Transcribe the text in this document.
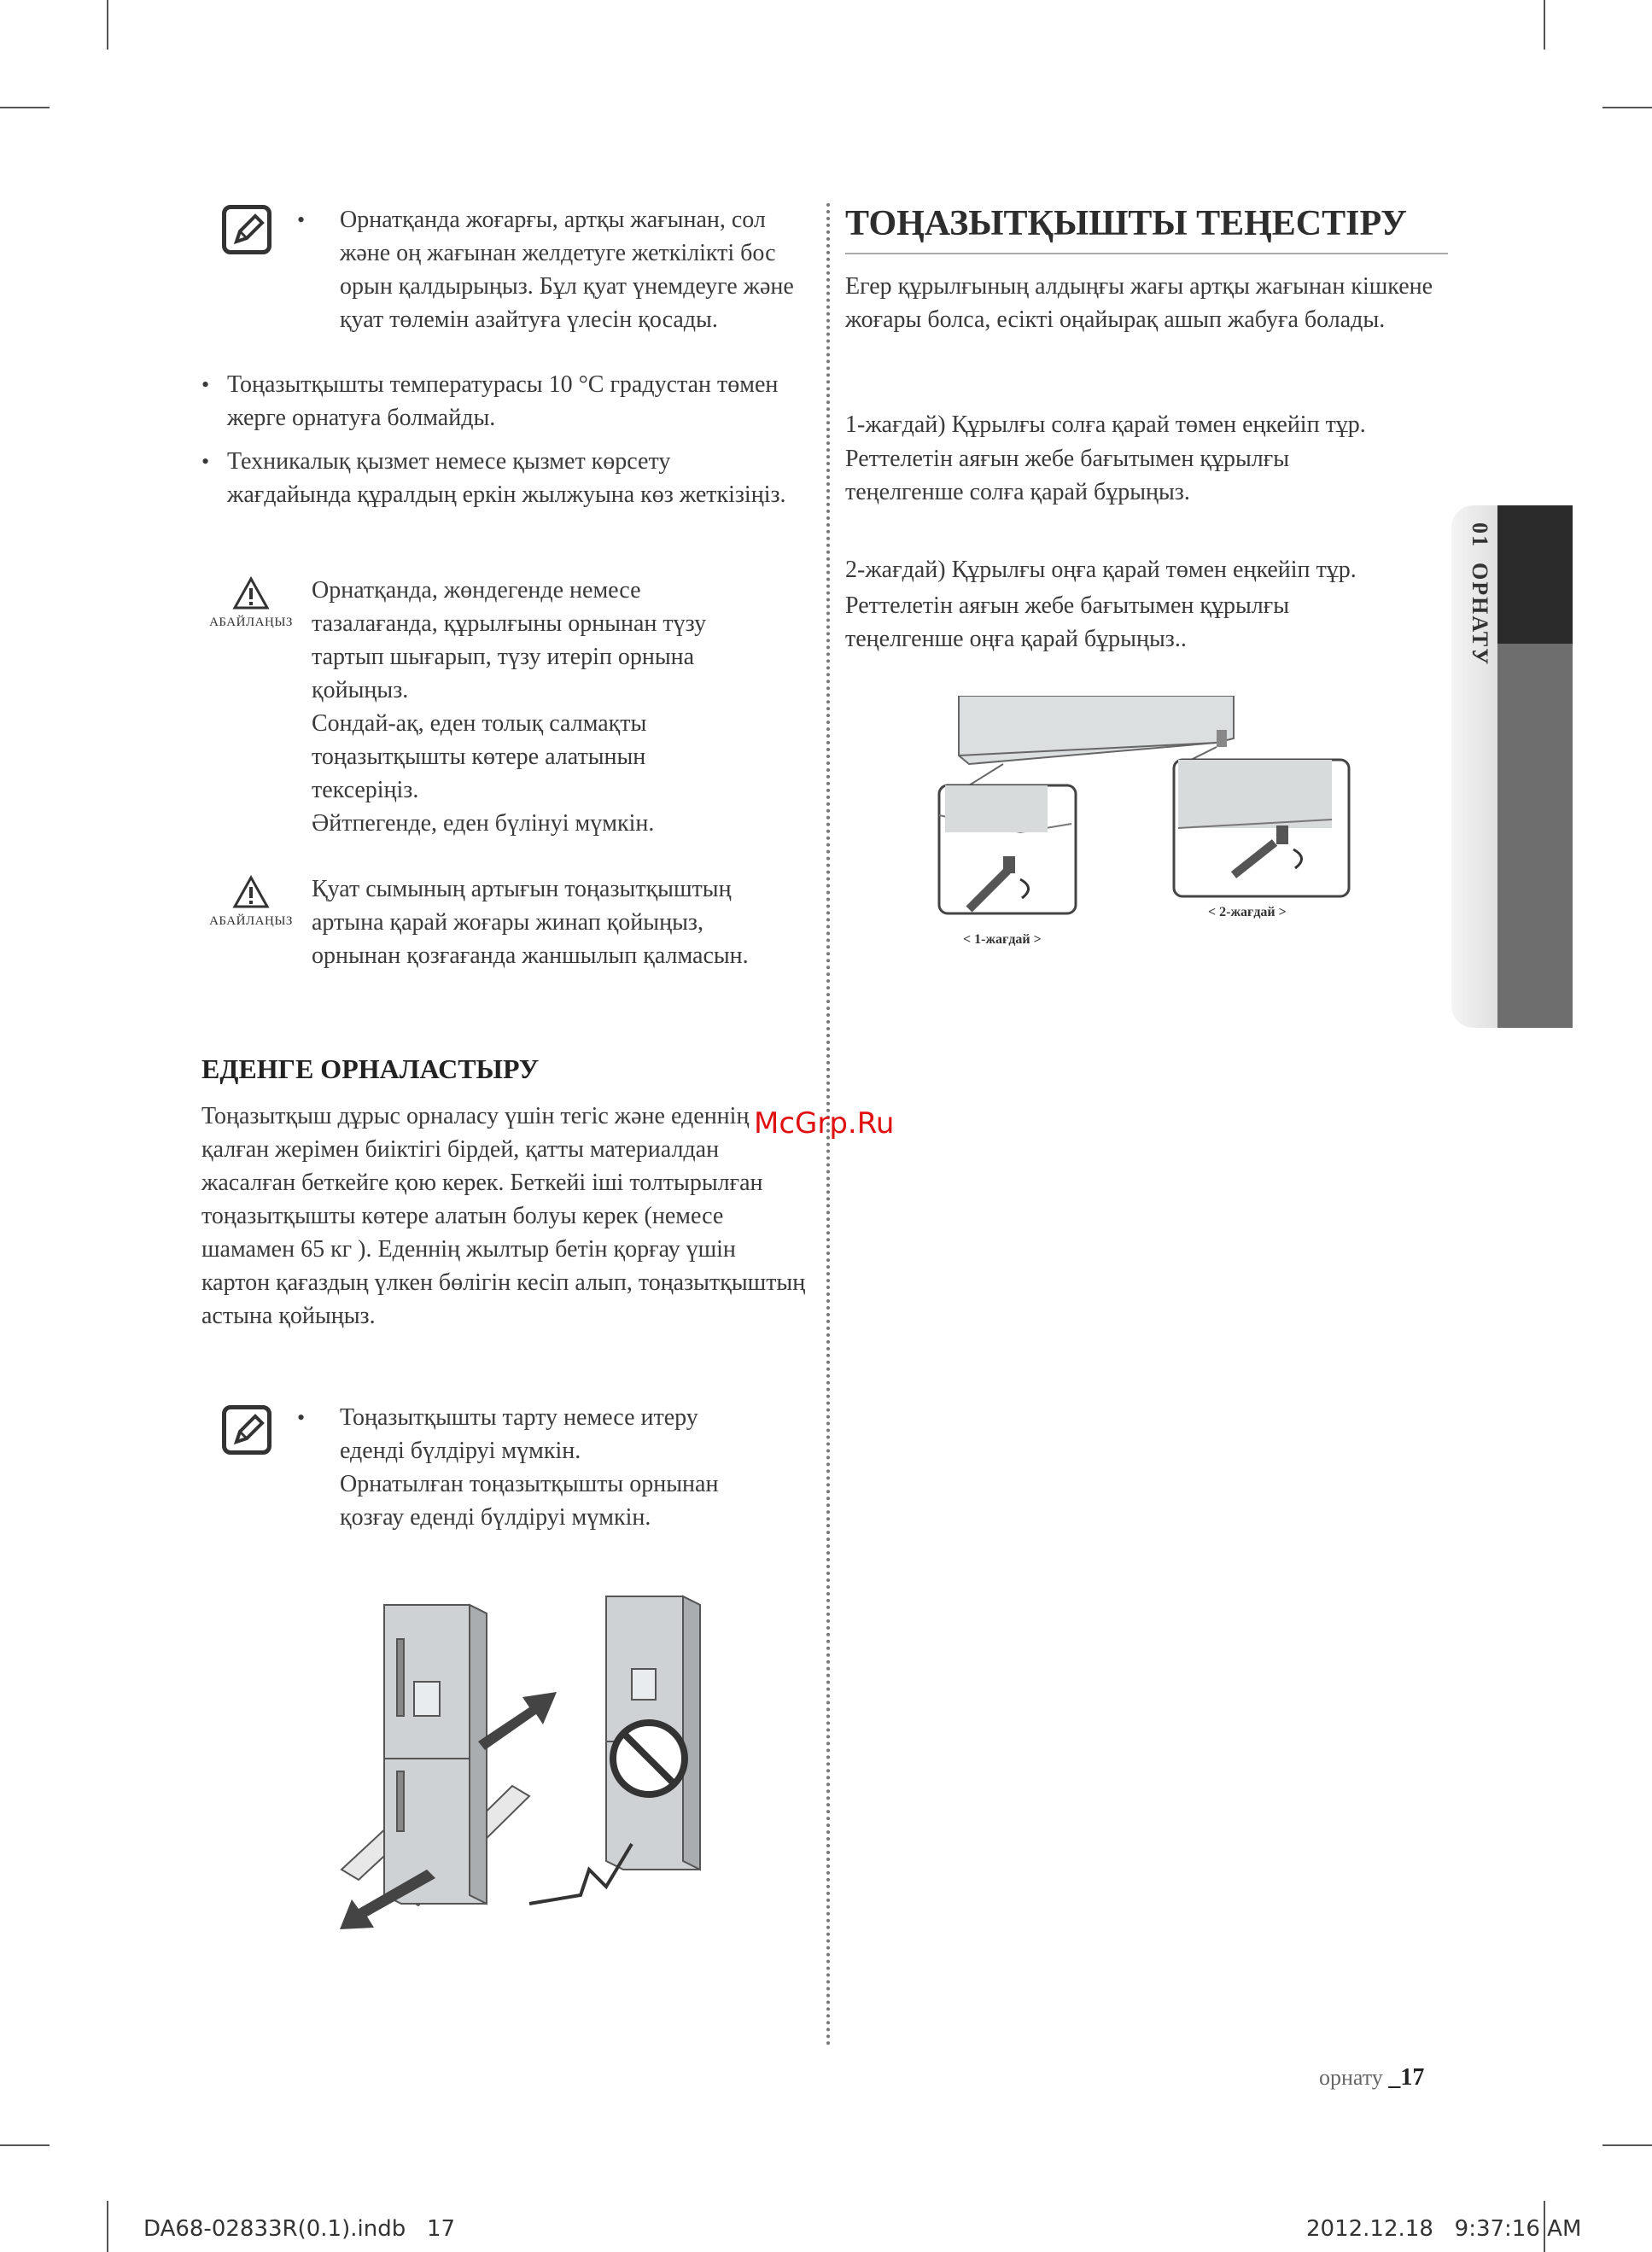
•	Орнатқанда жоғарғы, артқы жағынан, сол және оң жағынан желдетуге жеткілікті бос орын қалдырыңыз. Бұл қуат үнемдеуге және қуат төлемін азайтуға үлесін қосады.
• Тоңазытқышты температурасы 10 °C градустан төмен жерге орнатуға болмайды.
• Техникалық қызмет немесе қызмет көрсету жағдайында құралдың еркін жылжуына көз жеткізіңіз.
АБАЙЛАҢЫЗ
Орнатқанда, жөндегенде немесе
тазалағанда, құрылғыны орнынан түзу
тартып шығарып, түзу итеріп орнына
қойыңыз.
Сондай-ақ, еден толық салмақты
тоңазытқышты көтере алатынын
тексеріңіз.
Әйтпегенде, еден бүлінуі мүмкін.
АБАЙЛАҢЫЗ
Қуат сымының артығын тоңазытқыштың
артына қарай жоғары жинап қойыңыз,
орнынан қозғағанда жаншылып қалмасын.
ЕДЕНГЕ ОРНАЛАСТЫРУ
Тоңазытқыш дұрыс орналасу үшін тегіс және еденнің қалған жерімен биіктігі бірдей, қатты материалдан жасалған беткейге қою керек. Беткейі іші толтырылған тоңазытқышты көтере алатын болуы керек (немесе шамамен 65 кг ). Еденнің жылтыр бетін қорғау үшін картон қағаздың үлкен бөлігін кесіп алып, тоңазытқыштың астына қойыңыз.
•	Тоңазытқышты тарту немесе итеру
еденді бүлдіруі мүмкін.
Орнатылған тоңазытқышты орнынан
қозғау еденді бүлдіруі мүмкін.
ТОҢАЗЫТҚЫШТЫ ТЕҢЕСТІРУ
Егер құрылғының алдыңғы жағы артқы жағынан кішкене жоғары болса, есікті оңайырақ ашып жабуға болады.
1-жағдай) Құрылғы солға қарай төмен еңкейіп тұр.
Реттелетін аяғын жебе бағытымен құрылғы теңелгенше солға қарай бұрыңыз.
2-жағдай) Құрылғы оңға қарай төмен еңкейіп тұр.
Реттелетін аяғын жебе бағытымен құрылғы теңелгенше оңға қарай бұрыңыз..
< 1-жағдай >
< 2-жағдай >
McGrp.Ru
01  ОРНАТУ
орнату _17
DA68-02833R(0.1).indb   17	2012.12.18   9:37:16 AM
